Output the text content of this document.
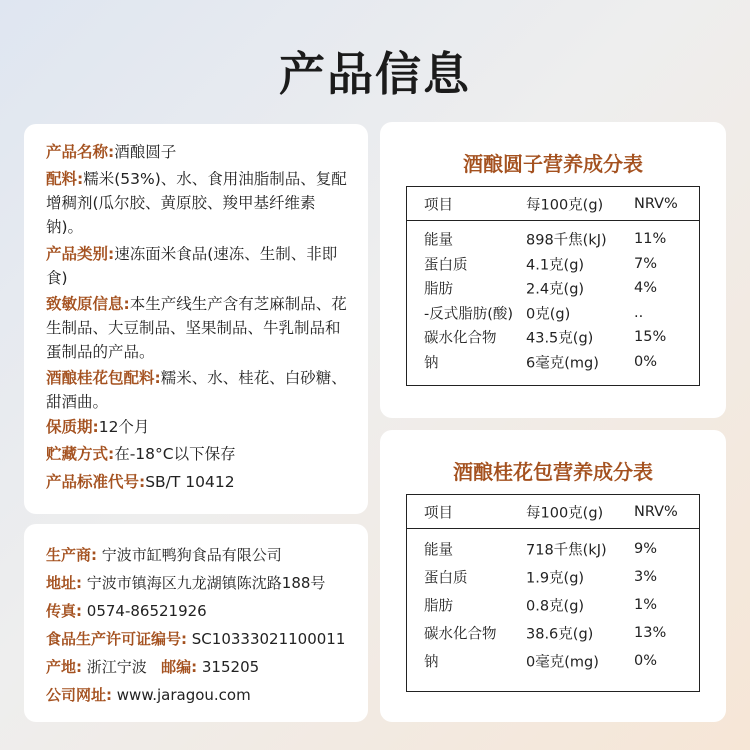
产品信息
产品名称:酒酿圆子
配料:糯米(53%)、水、食用油脂制品、复配增稠剂(瓜尔胶、黄原胶、羧甲基纤维素钠)。
产品类别:速冻面米食品(速冻、生制、非即食)
致敏原信息:本生产线生产含有芝麻制品、花生制品、大豆制品、坚果制品、牛乳制品和蛋制品的产品。
酒酿桂花包配料:糯米、水、桂花、白砂糖、甜酒曲。
保质期:12个月
贮藏方式:在-18°C以下保存
产品标准代号:SB/T 10412
生产商: 宁波市缸鸭狗食品有限公司
地址: 宁波市镇海区九龙湖镇陈沈路188号
传真: 0574-86521926
食品生产许可证编号: SC10333021100011
产地: 浙江宁波 邮编: 315205
公司网址: www.jaragou.com
酒酿圆子营养成分表
项目	每100克(g) NRV%
能量	898千焦(kJ) 11%
蛋白质	4.1克(g)	7%
脂肪	2.4克(g)	4%
-反式脂肪(酸) 0克(g)	..
碳水化合物 43.5克(g)	15%
钠	6毫克(mg) 0%
酒酿桂花包营养成分表
项目	每100克(g) NRV%
能量	718千焦(kJ) 9%
蛋白质	1.9克(g)	3%
脂肪	0.8克(g)	1%
碳水化合物 38.6克(g)	13%
钠	0毫克(mg) 0%
